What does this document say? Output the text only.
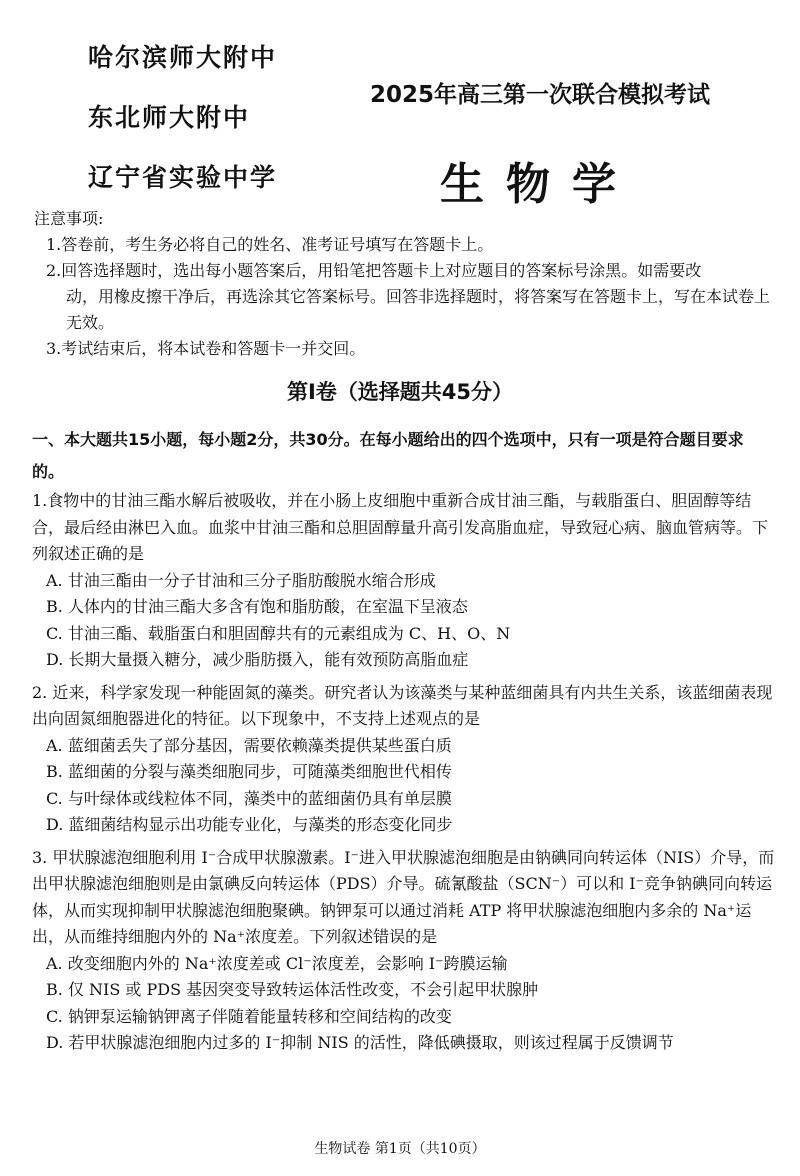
哈尔滨师大附中
东北师大附中
辽宁省实验中学
2025年高三第一次联合模拟考试
生物学

注意事项:

1.答卷前，考生务必将自己的姓名、准考证号填写在答题卡上。

2.回答选择题时，选出每小题答案后，用铅笔把答题卡上对应题目的答案标号涂黑。如需要改
动，用橡皮擦干净后，再选涂其它答案标号。回答非选择题时，将答案写在答题卡上，写在本试卷上无效。

3.考试结束后，将本试卷和答题卡一并交回。

第Ⅰ卷（选择题共45分）
一、本大题共15小题，每小题2分，共30分。在每小题给出的四个选项中，只有一项是符合题目要求的。

1.食物中的甘油三酯水解后被吸收，并在小肠上皮细胞中重新合成甘油三酯，与载脂蛋白、胆固醇等结合，最后经由淋巴入血。血浆中甘油三酯和总胆固醇量升高引发高脂血症，导致冠心病、脑血管病等。下列叙述正确的是

A. 甘油三酯由一分子甘油和三分子脂肪酸脱水缩合形成

B. 人体内的甘油三酯大多含有饱和脂肪酸，在室温下呈液态

C. 甘油三酯、载脂蛋白和胆固醇共有的元素组成为 C、H、O、N

D. 长期大量摄入糖分，减少脂肪摄入，能有效预防高脂血症

2. 近来，科学家发现一种能固氮的藻类。研究者认为该藻类与某种蓝细菌具有内共生关系，该蓝细菌表现出向固氮细胞器进化的特征。以下现象中，不支持上述观点的是

A. 蓝细菌丢失了部分基因，需要依赖藻类提供某些蛋白质

B. 蓝细菌的分裂与藻类细胞同步，可随藻类细胞世代相传

C. 与叶绿体或线粒体不同，藻类中的蓝细菌仍具有单层膜

D. 蓝细菌结构显示出功能专业化，与藻类的形态变化同步

3. 甲状腺滤泡细胞利用 I⁻合成甲状腺激素。I⁻进入甲状腺滤泡细胞是由钠碘同向转运体（NIS）介导，而出甲状腺滤泡细胞则是由氯碘反向转运体（PDS）介导。硫氰酸盐（SCN⁻）可以和 I⁻竞争钠碘同向转运体，从而实现抑制甲状腺滤泡细胞聚碘。钠钾泵可以通过消耗 ATP 将甲状腺滤泡细胞内多余的 Na⁺运出，从而维持细胞内外的 Na⁺浓度差。下列叙述错误的是

A. 改变细胞内外的 Na⁺浓度差或 Cl⁻浓度差，会影响 I⁻跨膜运输

B. 仅 NIS 或 PDS 基因突变导致转运体活性改变，不会引起甲状腺肿

C. 钠钾泵运输钠钾离子伴随着能量转移和空间结构的改变

D. 若甲状腺滤泡细胞内过多的 I⁻抑制 NIS 的活性，降低碘摄取，则该过程属于反馈调节

生物试卷 第1页（共10页）
